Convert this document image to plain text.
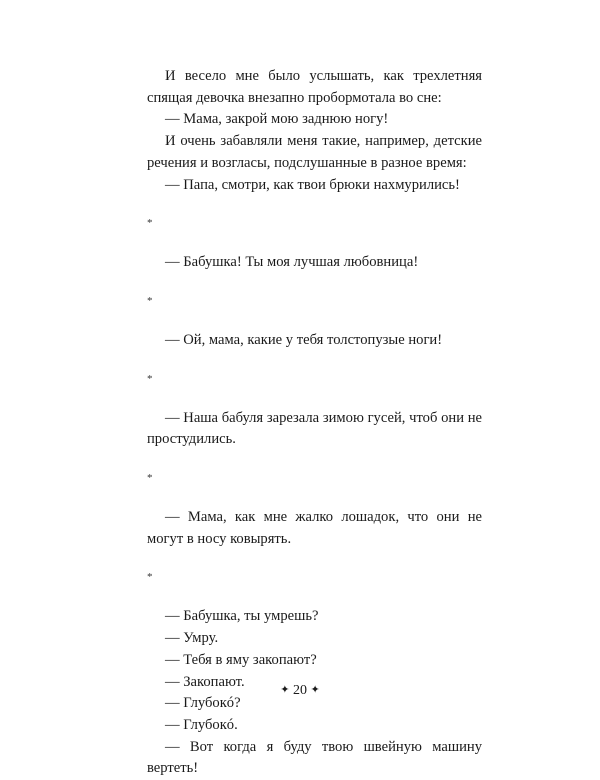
И весело мне было услышать, как трехлетняя спящая девочка внезапно пробормотала во сне:

— Мама, закрой мою заднюю ногу!

И очень забавляли меня такие, например, детские речения и возгласы, подслушанные в разное время:

— Папа, смотри, как твои брюки нахмурились!

*

— Бабушка! Ты моя лучшая любовница!

*

— Ой, мама, какие у тебя толстопузые ноги!

*

— Наша бабуля зарезала зимою гусей, чтоб они не простудились.

*

— Мама, как мне жалко лошадок, что они не могут в носу ковырять.

*

— Бабушка, ты умрешь?

— Умру.

— Тебя в яму закопают?

— Закопают.

— Глубокó?

— Глубокó.

— Вот когда я буду твою швейную машину вертеть!

✦ 20 ✦
